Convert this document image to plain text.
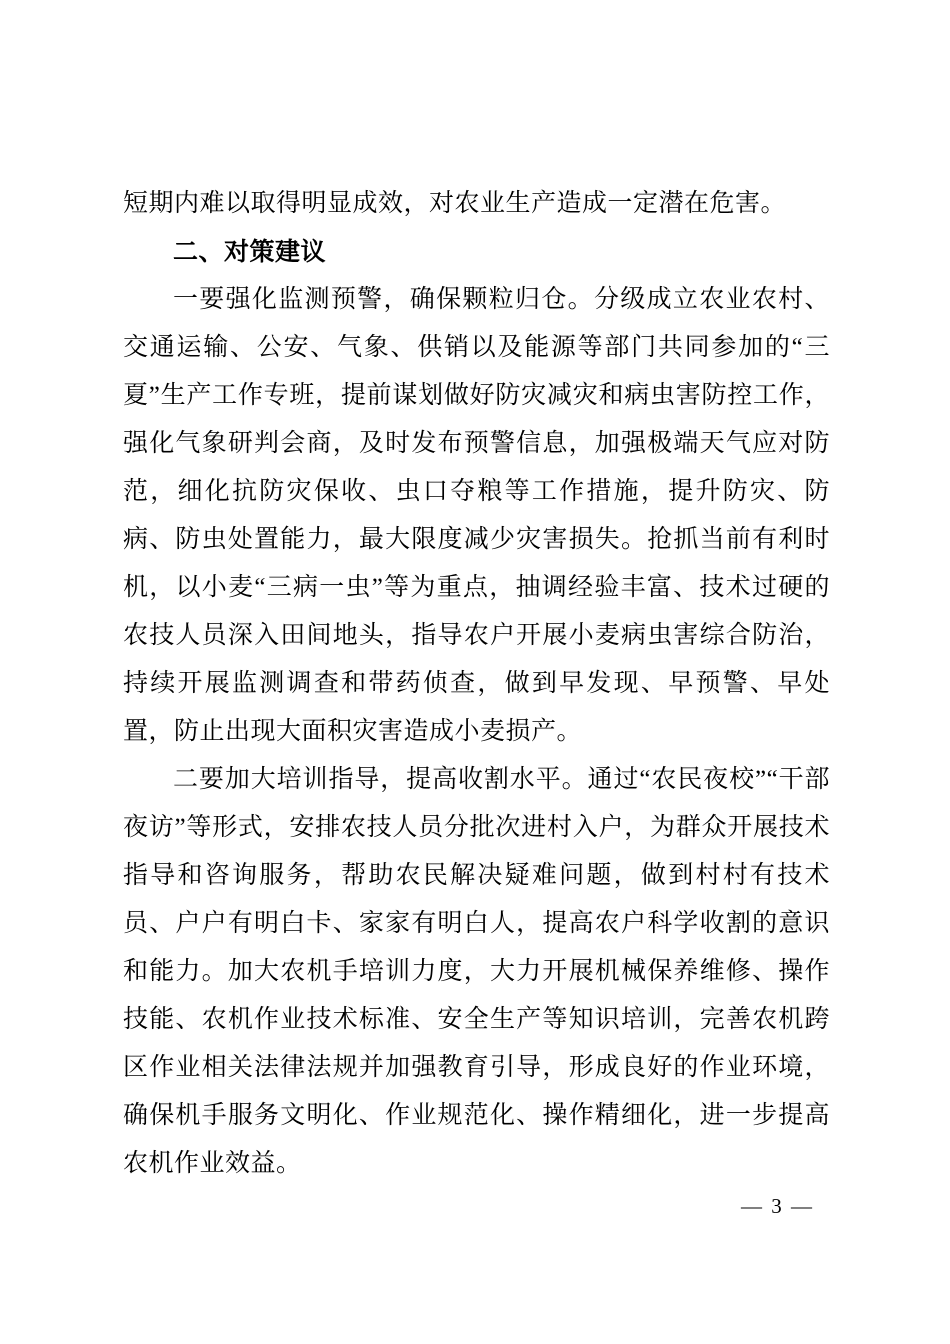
短期内难以取得明显成效，对农业生产造成一定潜在危害。

二、对策建议

一要强化监测预警，确保颗粒归仓。分级成立农业农村、交通运输、公安、气象、供销以及能源等部门共同参加的“三夏”生产工作专班，提前谋划做好防灾减灾和病虫害防控工作，强化气象研判会商，及时发布预警信息，加强极端天气应对防范，细化抗防灾保收、虫口夺粮等工作措施，提升防灾、防病、防虫处置能力，最大限度减少灾害损失。抢抓当前有利时机，以小麦“三病一虫”等为重点，抽调经验丰富、技术过硬的农技人员深入田间地头，指导农户开展小麦病虫害综合防治，持续开展监测调查和带药侦查，做到早发现、早预警、早处置，防止出现大面积灾害造成小麦损产。

二要加大培训指导，提高收割水平。通过“农民夜校”“干部夜访”等形式，安排农技人员分批次进村入户，为群众开展技术指导和咨询服务，帮助农民解决疑难问题，做到村村有技术员、户户有明白卡、家家有明白人，提高农户科学收割的意识和能力。加大农机手培训力度，大力开展机械保养维修、操作技能、农机作业技术标准、安全生产等知识培训，完善农机跨区作业相关法律法规并加强教育引导，形成良好的作业环境，确保机手服务文明化、作业规范化、操作精细化，进一步提高农机作业效益。

— 3 —
